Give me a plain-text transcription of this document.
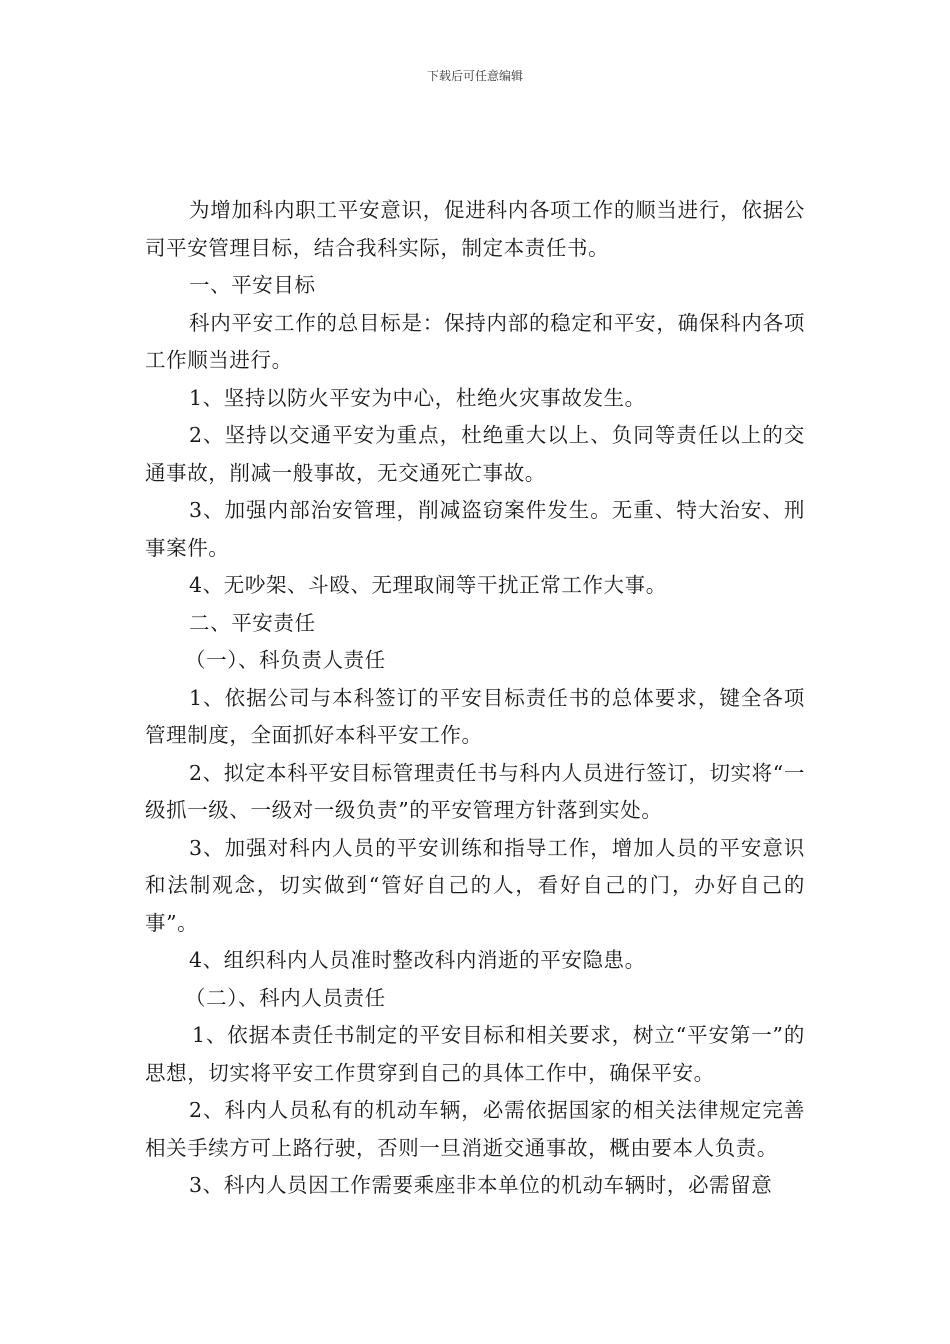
下载后可任意编辑

为增加科内职工平安意识，促进科内各项工作的顺当进行，依据公司平安管理目标，结合我科实际，制定本责任书。

一、平安目标

科内平安工作的总目标是：保持内部的稳定和平安，确保科内各项工作顺当进行。

1、坚持以防火平安为中心，杜绝火灾事故发生。

2、坚持以交通平安为重点，杜绝重大以上、负同等责任以上的交通事故，削减一般事故，无交通死亡事故。

3、加强内部治安管理，削减盗窃案件发生。无重、特大治安、刑事案件。

4、无吵架、斗殴、无理取闹等干扰正常工作大事。

二、平安责任

（一）、科负责人责任

1、依据公司与本科签订的平安目标责任书的总体要求，键全各项管理制度，全面抓好本科平安工作。

2、拟定本科平安目标管理责任书与科内人员进行签订，切实将“一级抓一级、一级对一级负责”的平安管理方针落到实处。

3、加强对科内人员的平安训练和指导工作，增加人员的平安意识和法制观念，切实做到“管好自己的人，看好自己的门，办好自己的事”。

4、组织科内人员准时整改科内消逝的平安隐患。

（二）、科内人员责任

1、依据本责任书制定的平安目标和相关要求，树立“平安第一”的思想，切实将平安工作贯穿到自己的具体工作中，确保平安。

2、科内人员私有的机动车辆，必需依据国家的相关法律规定完善相关手续方可上路行驶，否则一旦消逝交通事故，概由要本人负责。

3、科内人员因工作需要乘座非本单位的机动车辆时，必需留意
